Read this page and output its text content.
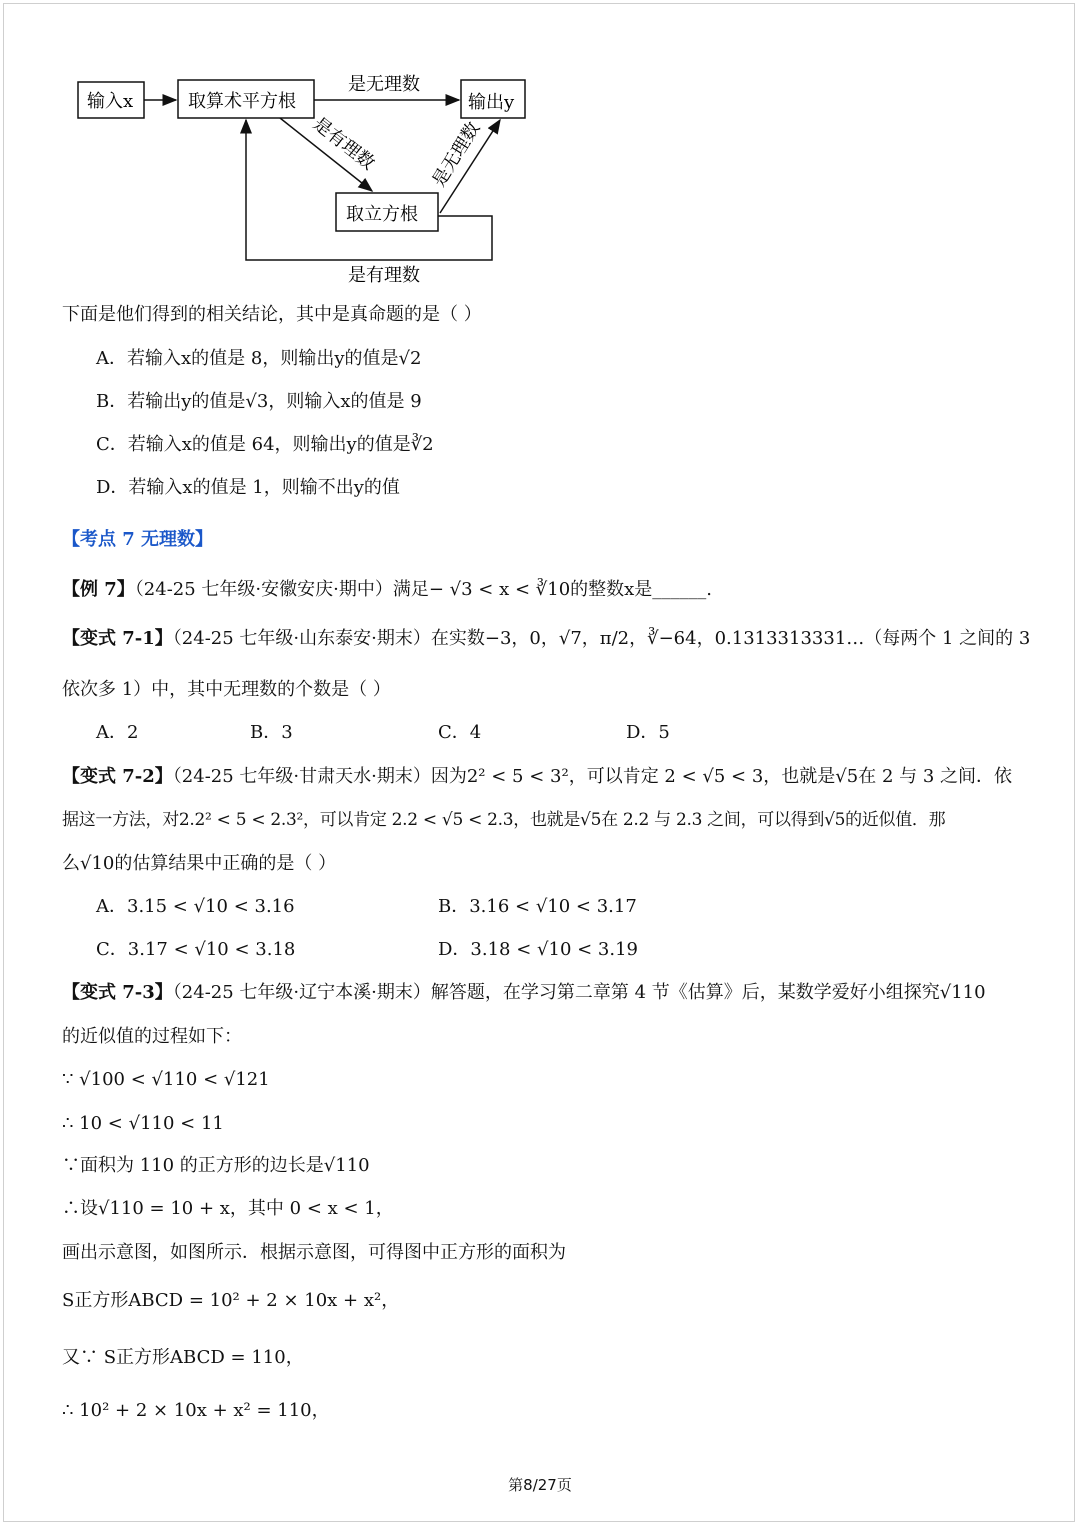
输入x	取算术平方根	输出y
取立方根
是无理数
是有理数	是无理数
是有理数
下面是他们得到的相关结论，其中是真命题的是（ ）
A．若输入x的值是 8，则输出y的值是√2
B．若输出y的值是√3，则输入x的值是 9
C．若输入x的值是 64，则输出y的值是∛2
D．若输入x的值是 1，则输不出y的值
【考点 7 无理数】
【例 7】（24-25 七年级·安徽安庆·期中）满足− √3 < x < ∛10的整数x是______.
【变式 7-1】（24-25 七年级·山东泰安·期末）在实数−3，0，√7，π/2，∛−64，0.1313313331…（每两个 1 之间的 3
依次多 1）中，其中无理数的个数是（ ）
A．2	B．3	C．4	D．5
【变式 7-2】（24-25 七年级·甘肃天水·期末）因为2² < 5 < 3²，可以肯定 2 < √5 < 3，也就是√5在 2 与 3 之间．依
据这一方法，对2.2² < 5 < 2.3²，可以肯定 2.2 < √5 < 2.3，也就是√5在 2.2 与 2.3 之间，可以得到√5的近似值．那
么√10的估算结果中正确的是（ ）
A．3.15 < √10 < 3.16	B．3.16 < √10 < 3.17
C．3.17 < √10 < 3.18	D．3.18 < √10 < 3.19
【变式 7-3】（24-25 七年级·辽宁本溪·期末）解答题，在学习第二章第 4 节《估算》后，某数学爱好小组探究√110
的近似值的过程如下：
∵ √100 < √110 < √121
∴ 10 < √110 < 11
∵面积为 110 的正方形的边长是√110
∴设√110 = 10 + x，其中 0 < x < 1，
画出示意图，如图所示．根据示意图，可得图中正方形的面积为
S正方形ABCD = 10² + 2 × 10x + x²，
又∵ S正方形ABCD = 110，
∴ 10² + 2 × 10x + x² = 110，
第8/27页
